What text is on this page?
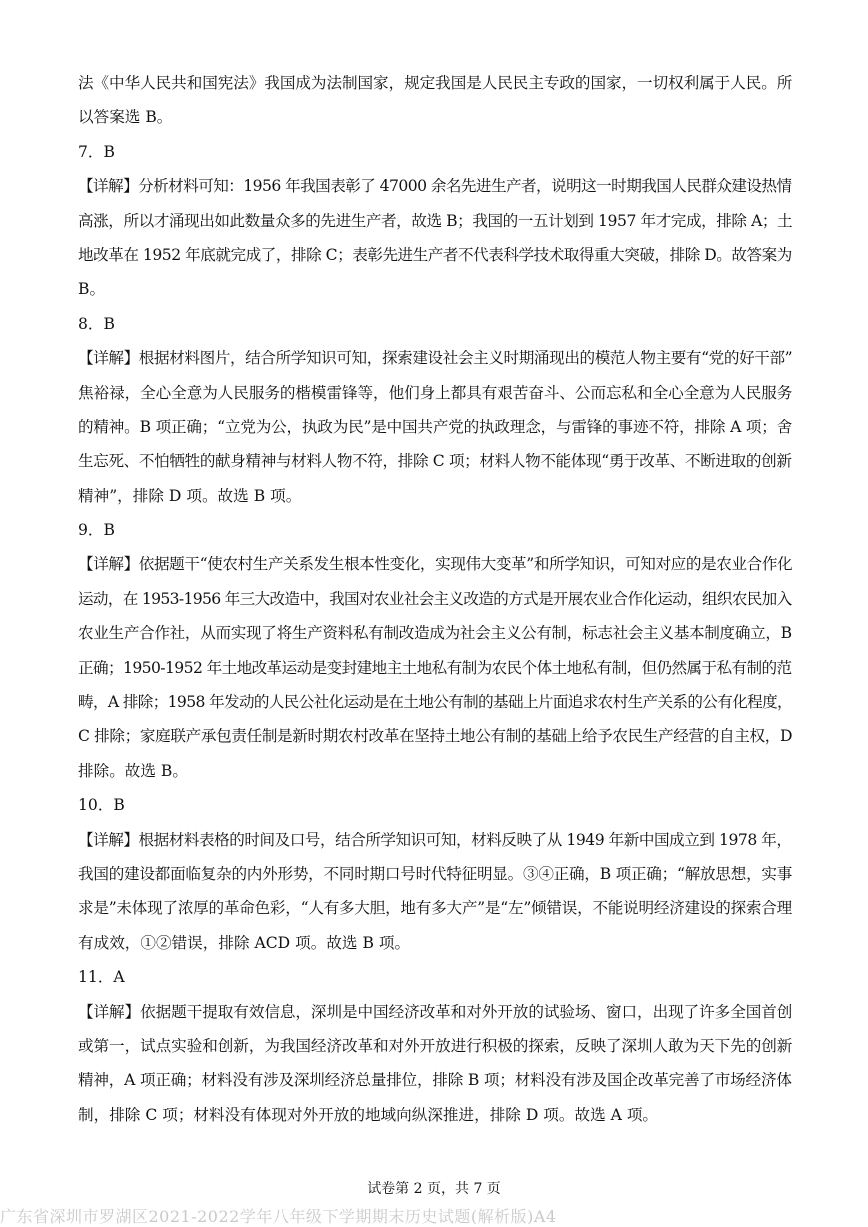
法《中华人民共和国宪法》我国成为法制国家，规定我国是人民民主专政的国家，一切权利属于人民。所
以答案选 B。
7．B
【详解】分析材料可知：1956 年我国表彰了 47000 余名先进生产者，说明这一时期我国人民群众建设热情
高涨，所以才涌现出如此数量众多的先进生产者，故选 B；我国的一五计划到 1957 年才完成，排除 A；土
地改革在 1952 年底就完成了，排除 C；表彰先进生产者不代表科学技术取得重大突破，排除 D。故答案为
B。
8．B
【详解】根据材料图片，结合所学知识可知，探索建设社会主义时期涌现出的模范人物主要有“党的好干部”
焦裕禄，全心全意为人民服务的楷模雷锋等，他们身上都具有艰苦奋斗、公而忘私和全心全意为人民服务
的精神。B 项正确；“立党为公，执政为民”是中国共产党的执政理念，与雷锋的事迹不符，排除 A 项；舍
生忘死、不怕牺牲的献身精神与材料人物不符，排除 C 项；材料人物不能体现“勇于改革、不断进取的创新
精神”，排除 D 项。故选 B 项。
9．B
【详解】依据题干“使农村生产关系发生根本性变化，实现伟大变革”和所学知识，可知对应的是农业合作化
运动，在 1953-1956 年三大改造中，我国对农业社会主义改造的方式是开展农业合作化运动，组织农民加入
农业生产合作社，从而实现了将生产资料私有制改造成为社会主义公有制，标志社会主义基本制度确立，B
正确；1950-1952 年土地改革运动是变封建地主土地私有制为农民个体土地私有制，但仍然属于私有制的范
畴，A 排除；1958 年发动的人民公社化运动是在土地公有制的基础上片面追求农村生产关系的公有化程度，
C 排除；家庭联产承包责任制是新时期农村改革在坚持土地公有制的基础上给予农民生产经营的自主权，D
排除。故选 B。
10．B
【详解】根据材料表格的时间及口号，结合所学知识可知，材料反映了从 1949 年新中国成立到 1978 年，
我国的建设都面临复杂的内外形势，不同时期口号时代特征明显。③④正确，B 项正确；“解放思想，实事
求是”未体现了浓厚的革命色彩，“人有多大胆，地有多大产”是“左”倾错误，不能说明经济建设的探索合理
有成效，①②错误，排除 ACD 项。故选 B 项。
11．A
【详解】依据题干提取有效信息，深圳是中国经济改革和对外开放的试验场、窗口，出现了许多全国首创
或第一，试点实验和创新，为我国经济改革和对外开放进行积极的探索，反映了深圳人敢为天下先的创新
精神，A 项正确；材料没有涉及深圳经济总量排位，排除 B 项；材料没有涉及国企改革完善了市场经济体
制，排除 C 项；材料没有体现对外开放的地域向纵深推进，排除 D 项。故选 A 项。
试卷第 2 页，共 7 页
广东省深圳市罗湖区2021-2022学年八年级下学期期末历史试题(解析版)A4
